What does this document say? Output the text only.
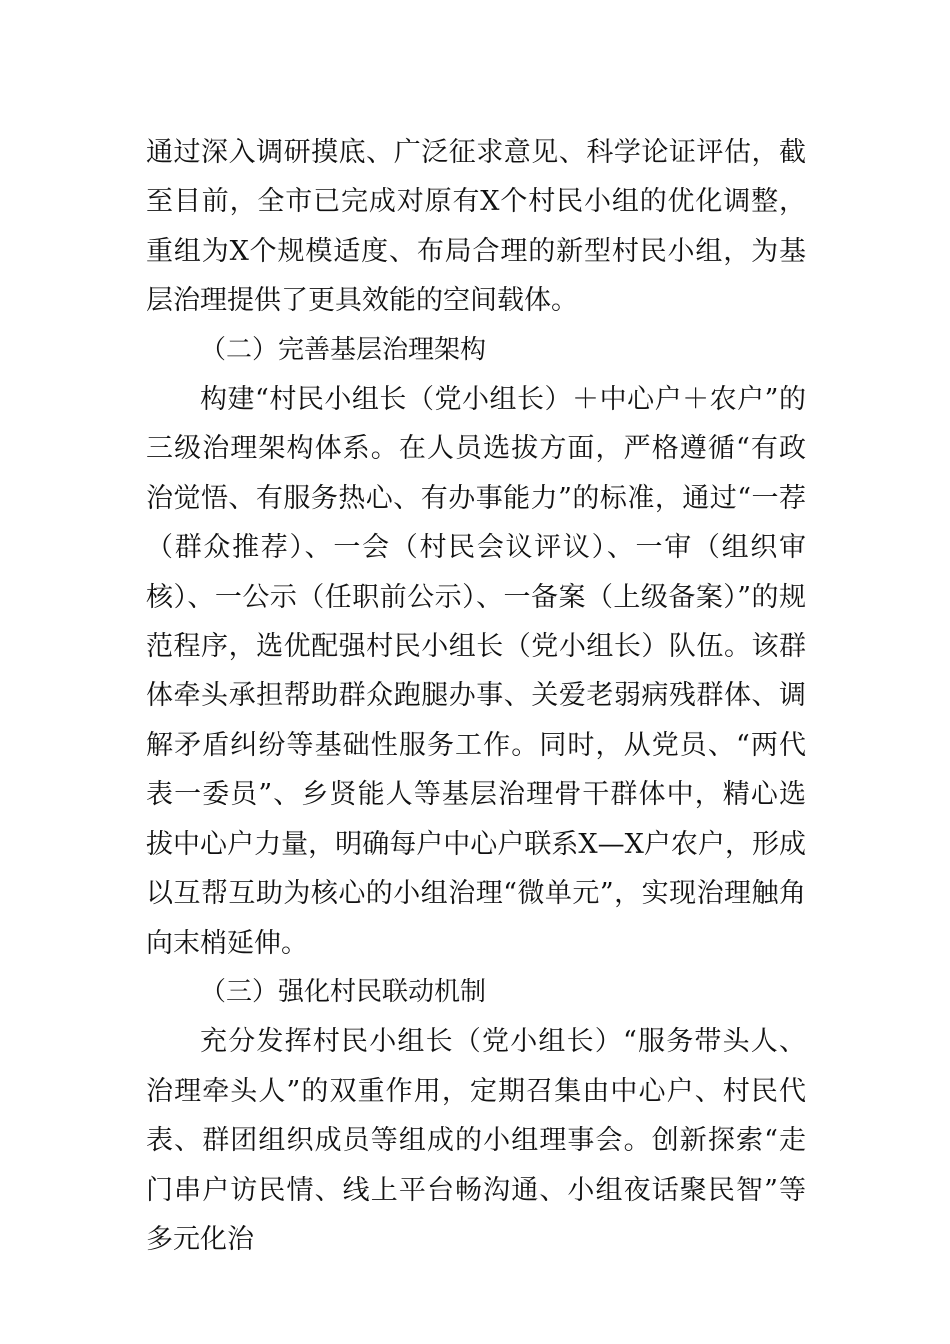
通过深入调研摸底、广泛征求意见、科学论证评估，截至目前，全市已完成对原有X个村民小组的优化调整，重组为X个规模适度、布局合理的新型村民小组，为基层治理提供了更具效能的空间载体。

（二）完善基层治理架构

构建“村民小组长（党小组长）＋中心户＋农户”的三级治理架构体系。在人员选拔方面，严格遵循“有政治觉悟、有服务热心、有办事能力”的标准，通过“一荐（群众推荐）、一会（村民会议评议）、一审（组织审核）、一公示（任职前公示）、一备案（上级备案）”的规范程序，选优配强村民小组长（党小组长）队伍。该群体牵头承担帮助群众跑腿办事、关爱老弱病残群体、调解矛盾纠纷等基础性服务工作。同时，从党员、“两代表一委员”、乡贤能人等基层治理骨干群体中，精心选拔中心户力量，明确每户中心户联系X—X户农户，形成以互帮互助为核心的小组治理“微单元”，实现治理触角向末梢延伸。

（三）强化村民联动机制

充分发挥村民小组长（党小组长）“服务带头人、治理牵头人”的双重作用，定期召集由中心户、村民代表、群团组织成员等组成的小组理事会。创新探索“走门串户访民情、线上平台畅沟通、小组夜话聚民智”等多元化治
